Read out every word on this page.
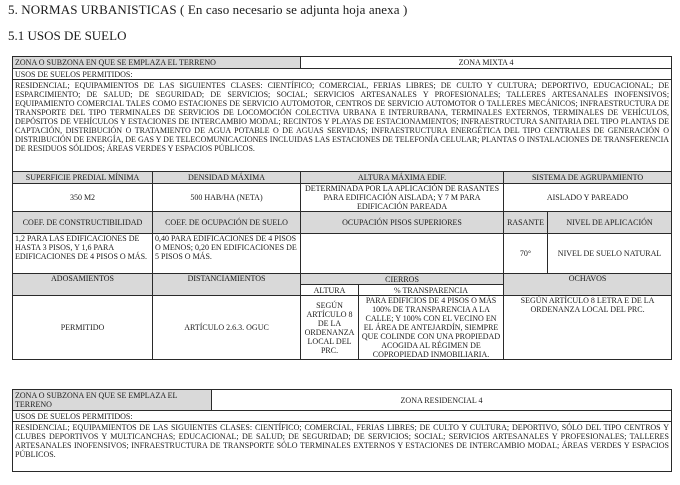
5. NORMAS URBANISTICAS ( En caso necesario se adjunta hoja anexa )
5.1 USOS DE SUELO
ZONA O SUBZONA EN QUE SE EMPLAZA EL TERRENO		ZONA MIXTA 4			
USOS DE SUELOS PERMITIDOS:					
RESIDENCIAL; EQUIPAMIENTOS DE LAS SIGUIENTES CLASES: CIENTÍFICO; COMERCIAL, FERIAS LIBRES; DE CULTO Y CULTURA; DEPORTIVO, EDUCACIONAL; DE ESPARCIMIENTO; DE SALUD; DE SEGURIDAD; DE SERVICIOS; SOCIAL; SERVICIOS ARTESANALES Y PROFESIONALES; TALLERES ARTESANALES INOFENSIVOS; EQUIPAMIENTO COMERCIAL TALES COMO ESTACIONES DE SERVICIO AUTOMOTOR, CENTROS DE SERVICIO AUTOMOTOR O TALLERES MECÁNICOS; INFRAESTRUCTURA DE TRANSPORTE DEL TIPO TERMINALES DE SERVICIOS DE LOCOMOCIÓN COLECTIVA URBANA E INTERURBANA, TERMINALES EXTERNOS, TERMINALES DE VEHÍCULOS, DEPÓSITOS DE VEHÍCULOS Y ESTACIONES DE INTERCAMBIO MODAL; RECINTOS Y PLAYAS DE ESTACIONAMIENTOS; INFRAESTRUCTURA SANITARIA DEL TIPO PLANTAS DE CAPTACIÓN, DISTRIBUCIÓN O TRATAMIENTO DE AGUA POTABLE O DE AGUAS SERVIDAS; INFRAESTRUCTURA ENERGÉTICA DEL TIPO CENTRALES DE GENERACIÓN O DISTRIBUCIÓN DE ENERGÍA, DE GAS Y DE TELECOMUNICACIONES INCLUIDAS LAS ESTACIONES DE TELEFONÍA CELULAR; PLANTAS O INSTALACIONES DE TRANSFERENCIA DE RESIDUOS SÓLIDOS; ÁREAS VERDES Y ESPACIOS PÚBLICOS.					
SUPERFICIE PREDIAL MÍNIMA	DENSIDAD MÁXIMA	ALTURA MÁXIMA EDIF.		SISTEMA DE AGRUPAMIENTO	
350 M2	500 HAB/HA (NETA)	DETERMINADA POR LA APLICACIÓN DE RASANTES PARA EDIFICACIÓN AISLADA; Y 7 M PARA EDIFICACIÓN PAREADA		AISLADO Y PAREADO	
COEF. DE CONSTRUCTIBILIDAD	COEF. DE OCUPACIÓN DE SUELO	OCUPACIÓN PISOS SUPERIORES		RASANTE	NIVEL DE APLICACIÓN
1,2 PARA LAS EDIFICACIONES DE HASTA 3 PISOS, Y 1,6 PARA EDIFICACIONES DE 4 PISOS O MÁS.	0,40 PARA EDIFICACIONES DE 4 PISOS O MENOS; 0,20 EN EDIFICACIONES DE 5 PISOS O MÁS.			70°	NIVEL DE SUELO NATURAL
ADOSAMIENTOS	DISTANCIAMIENTOS	CIERROS		OCHAVOS	
		ALTURA	% TRANSPARENCIA		
PERMITIDO	ARTÍCULO 2.6.3. OGUC	SEGÚN ARTÍCULO 8 DE LA ORDENANZA LOCAL DEL PRC.	PARA EDIFICIOS DE 4 PISOS O MÁS 100% DE TRANSPARENCIA A LA CALLE; Y 100% CON EL VECINO EN EL ÁREA DE ANTEJARDÍN, SIEMPRE QUE COLINDE CON UNA PROPIEDAD ACOGIDA AL RÉGIMEN DE COPROPIEDAD INMOBILIARIA.	SEGÚN ARTÍCULO 8 LETRA E DE LA ORDENANZA LOCAL DEL PRC.	
ZONA O SUBZONA EN QUE SE EMPLAZA EL TERRENO	ZONA RESIDENCIAL 4
USOS DE SUELOS PERMITIDOS:
RESIDENCIAL; EQUIPAMIENTOS DE LAS SIGUIENTES CLASES: CIENTÍFICO; COMERCIAL, FERIAS LIBRES; DE CULTO Y CULTURA; DEPORTIVO, SÓLO DEL TIPO CENTROS Y CLUBES DEPORTIVOS Y MULTICANCHAS; EDUCACIONAL; DE SALUD; DE SEGURIDAD; DE SERVICIOS; SOCIAL; SERVICIOS ARTESANALES Y PROFESIONALES; TALLERES ARTESANALES INOFENSIVOS; INFRAESTRUCTURA DE TRANSPORTE SÓLO TERMINALES EXTERNOS Y ESTACIONES DE INTERCAMBIO MODAL; ÁREAS VERDES Y ESPACIOS PÚBLICOS.
